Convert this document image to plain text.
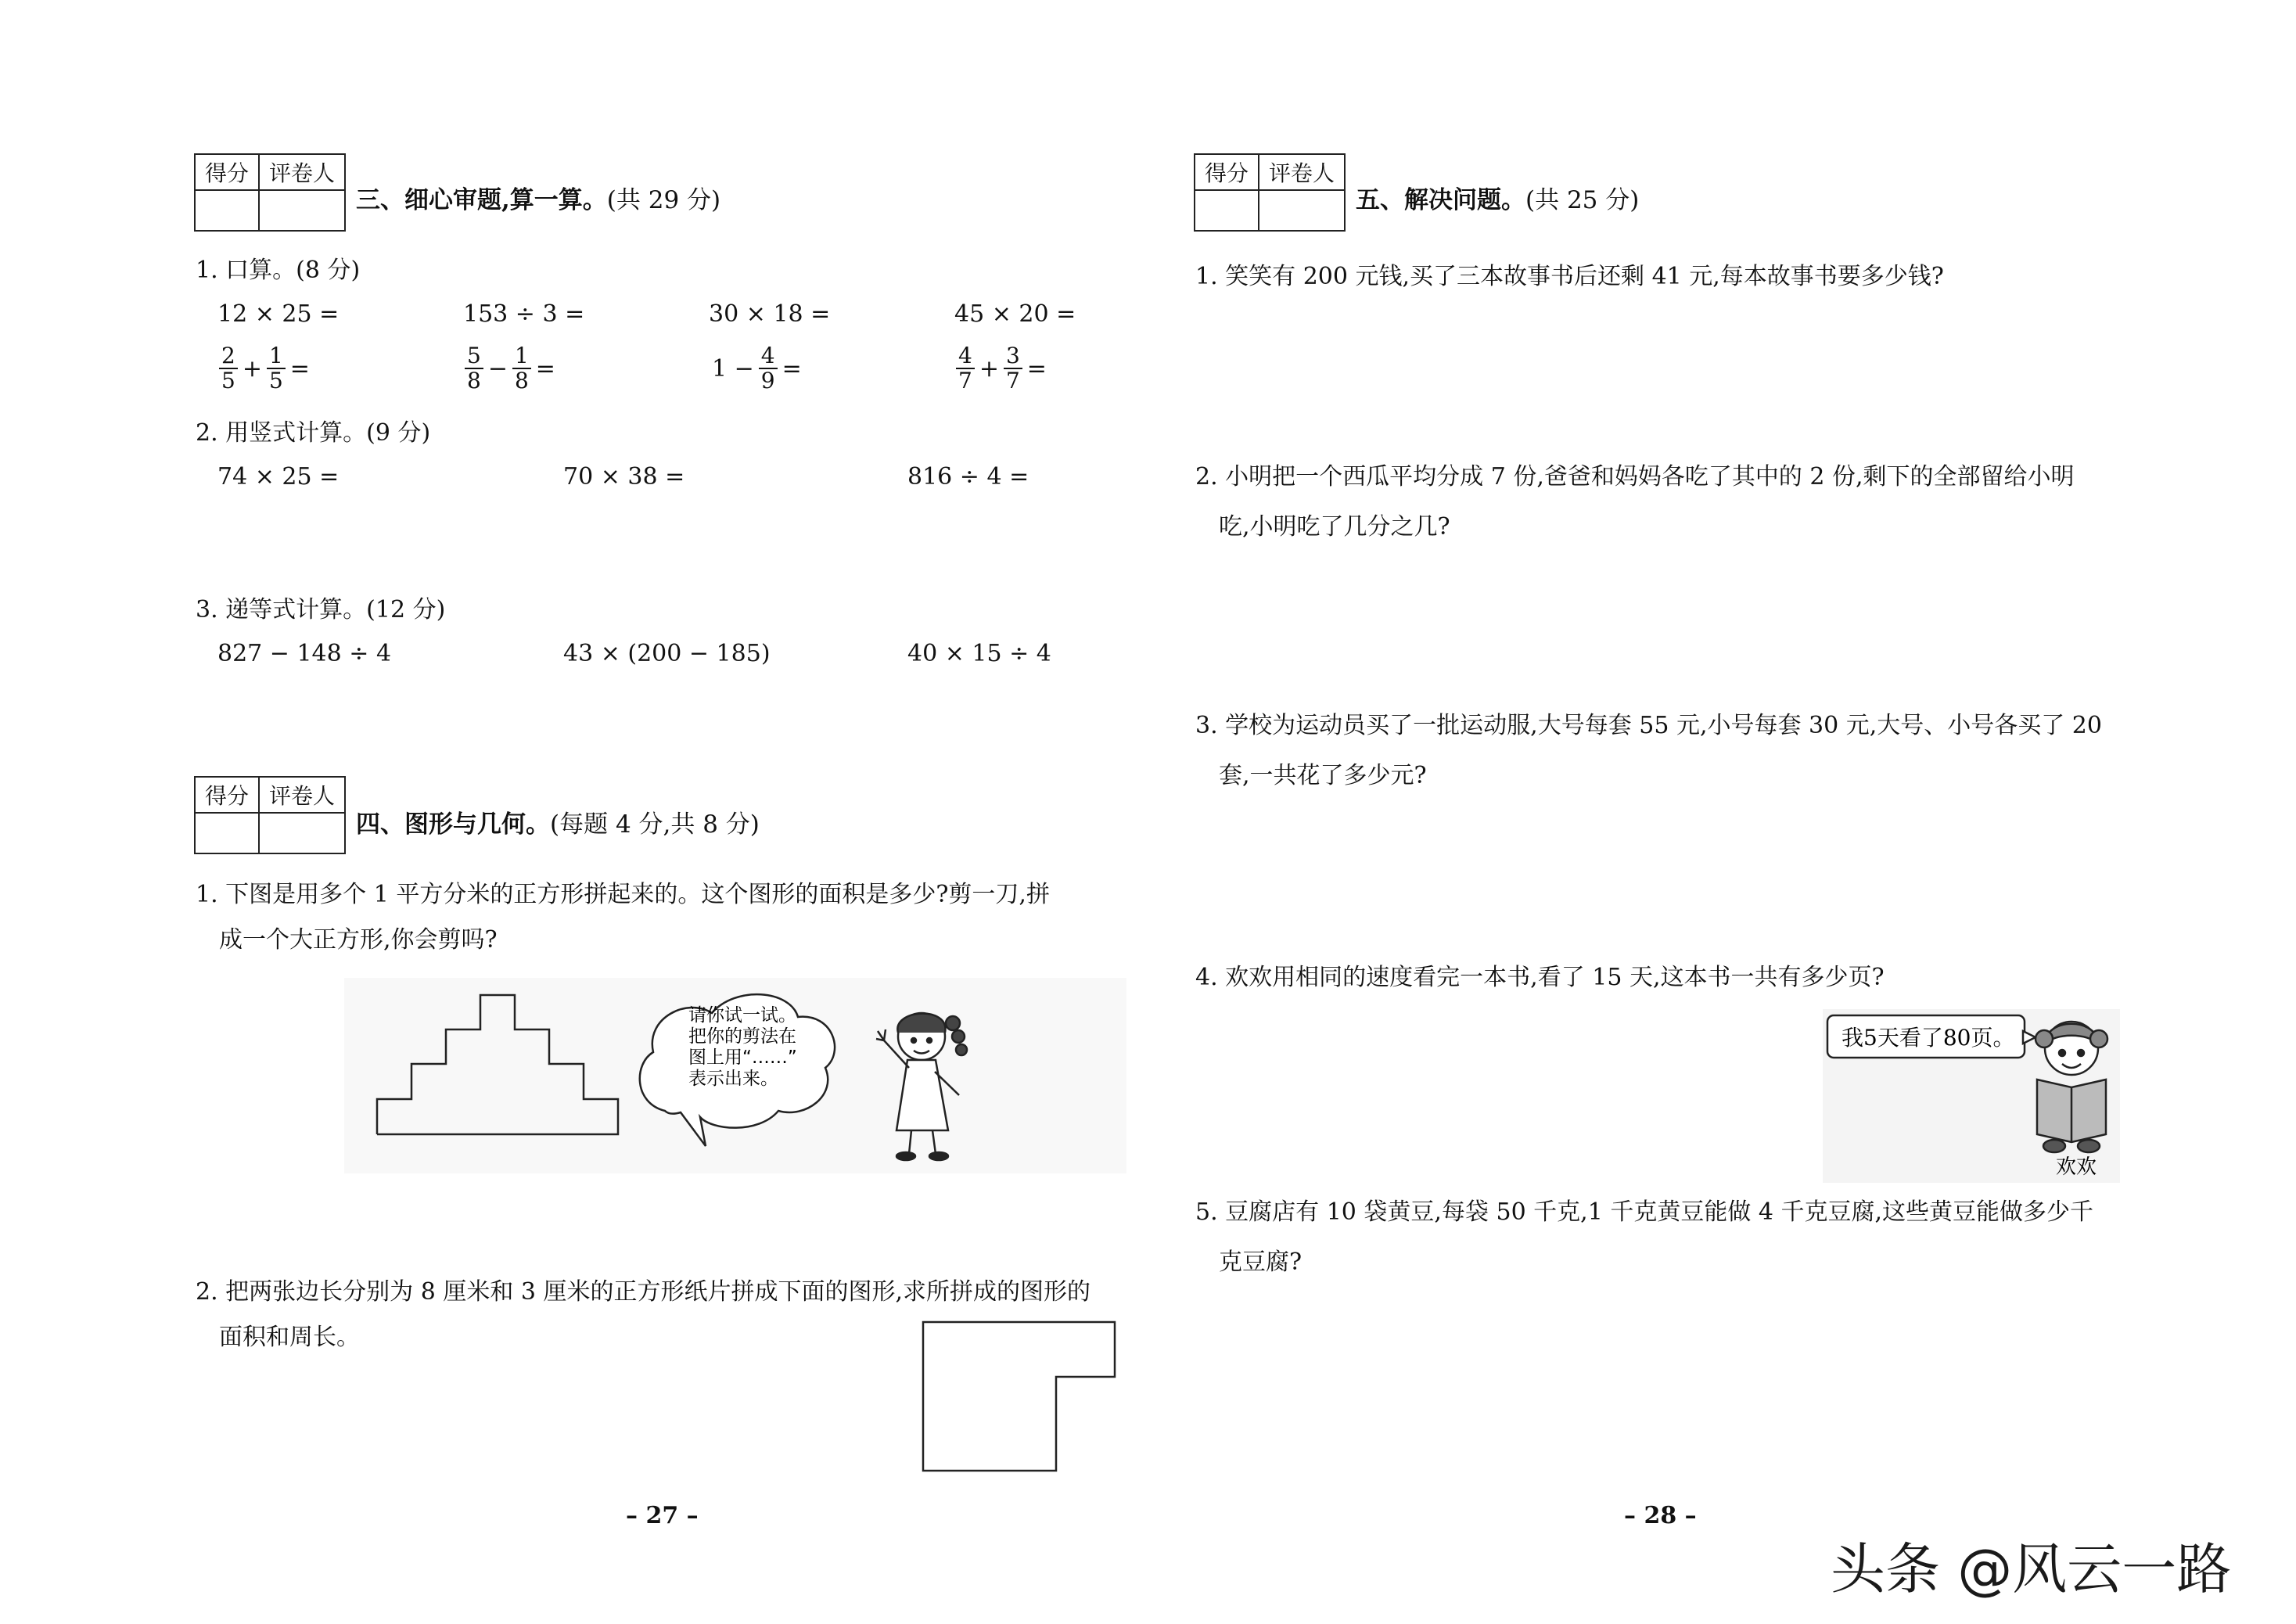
得分 评卷人
三、细心审题,算一算。(共 29 分)
1. 口算。(8 分)
12 × 25 =	153 ÷ 3 =	30 × 18 =	45 × 20 =
$\frac{2}{5} + \frac{1}{5}$ =	$\frac{5}{8} - \frac{1}{8}$ =	$1 - \frac{4}{9}$ =	$\frac{4}{7} + \frac{3}{7}$ =
2. 用竖式计算。(9 分)
74 × 25 =	70 × 38 =	816 ÷ 4 =
3. 递等式计算。(12 分)
827 − 148 ÷ 4	43 × (200 − 185)	40 × 15 ÷ 4
得分 评卷人
四、图形与几何。(每题 4 分,共 8 分)
1. 下图是用多个 1 平方分米的正方形拼起来的。这个图形的面积是多少?剪一刀,拼
成一个大正方形,你会剪吗?
请你试一试。
把你的剪法在
图上用“……”
表示出来。
2. 把两张边长分别为 8 厘米和 3 厘米的正方形纸片拼成下面的图形,求所拼成的图形的
面积和周长。
– 27 –
得分 评卷人
五、解决问题。(共 25 分)
1. 笑笑有 200 元钱,买了三本故事书后还剩 41 元,每本故事书要多少钱?
2. 小明把一个西瓜平均分成 7 份,爸爸和妈妈各吃了其中的 2 份,剩下的全部留给小明
吃,小明吃了几分之几?
3. 学校为运动员买了一批运动服,大号每套 55 元,小号每套 30 元,大号、小号各买了 20
套,一共花了多少元?
4. 欢欢用相同的速度看完一本书,看了 15 天,这本书一共有多少页?
我5天看了80页。
欢欢
5. 豆腐店有 10 袋黄豆,每袋 50 千克,1 千克黄豆能做 4 千克豆腐,这些黄豆能做多少千
克豆腐?
– 28 –
头条 @风云一路
